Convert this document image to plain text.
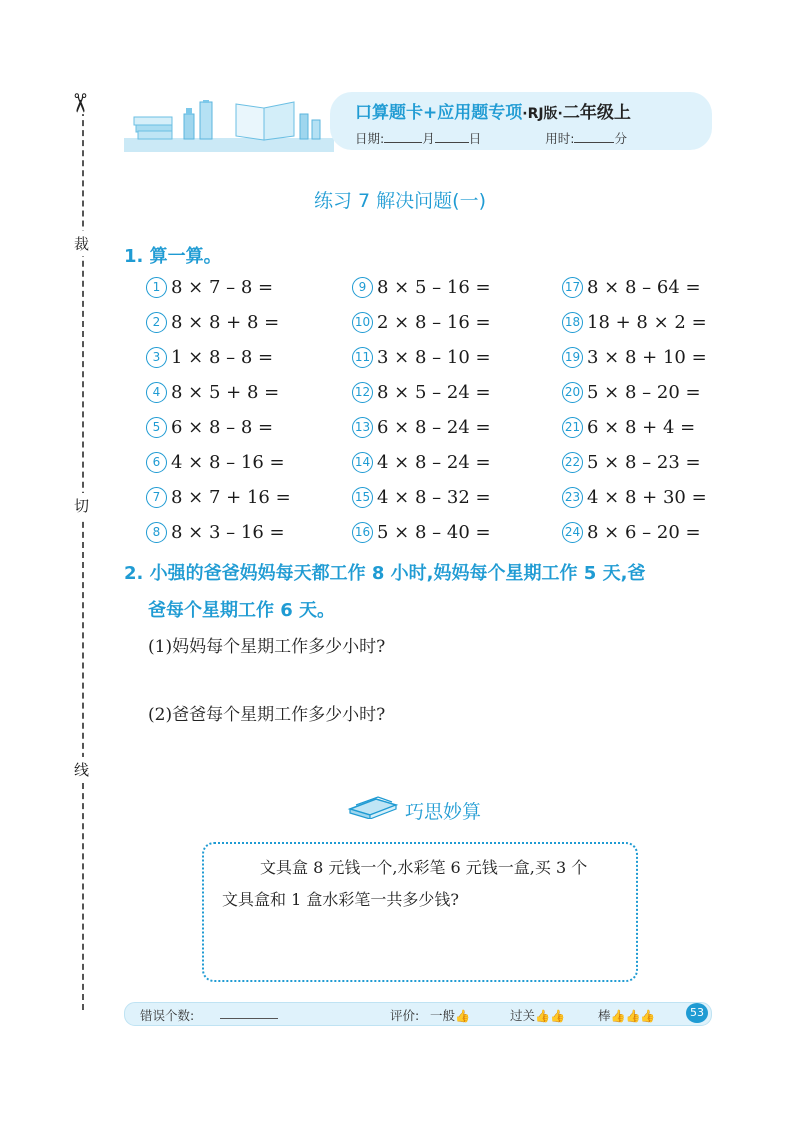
✂
裁
切
线
口算题卡+应用题专项·RJ版·二年级上
日期:	月	日	用时:	分
练习 7 解决问题(一)
1. 算一算。
1 8 × 7 – 8 =
2 8 × 8 + 8 =
3 1 × 8 – 8 =
4 8 × 5 + 8 =
5 6 × 8 – 8 =
6 4 × 8 – 16 =
7 8 × 7 + 16 =
8 8 × 3 – 16 =
9 8 × 5 – 16 =
10 2 × 8 – 16 =
11 3 × 8 – 10 =
12 8 × 5 – 24 =
13 6 × 8 – 24 =
14 4 × 8 – 24 =
15 4 × 8 – 32 =
16 5 × 8 – 40 =
17 8 × 8 – 64 =
18 18 + 8 × 2 =
19 3 × 8 + 10 =
20 5 × 8 – 20 =
21 6 × 8 + 4 =
22 5 × 8 – 23 =
23 4 × 8 + 30 =
24 8 × 6 – 20 =
2. 小强的爸爸妈妈每天都工作 8 小时,妈妈每个星期工作 5 天,爸
爸每个星期工作 6 天。
(1)妈妈每个星期工作多少小时?
(2)爸爸每个星期工作多少小时?
巧思妙算
文具盒 8 元钱一个,水彩笔 6 元钱一盒,买 3 个
文具盒和 1 盒水彩笔一共多少钱?
错误个数:	评价: 一般👍	过关👍👍	棒👍👍👍	53
